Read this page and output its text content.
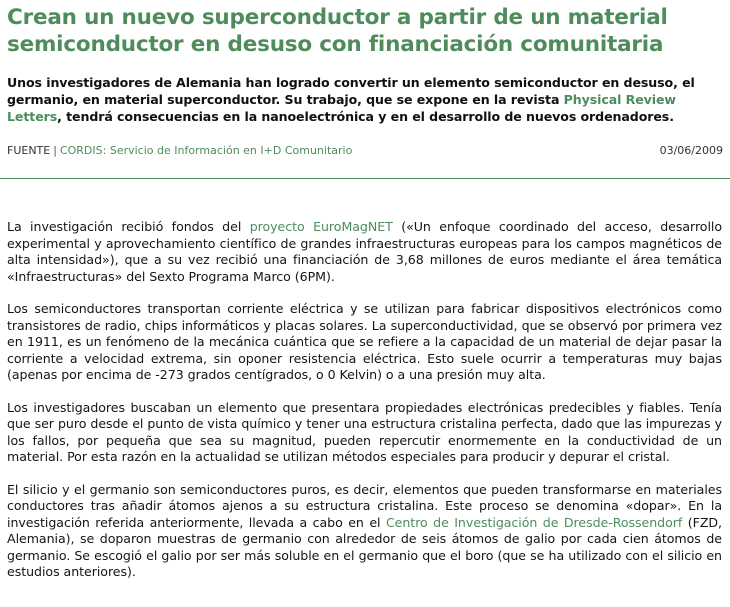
Crean un nuevo superconductor a partir de un material semiconductor en desuso con financiación comunitaria

Unos investigadores de Alemania han logrado convertir un elemento semiconductor en desuso, el germanio, en material superconductor. Su trabajo, que se expone en la revista Physical Review Letters, tendrá consecuencias en la nanoelectrónica y en el desarrollo de nuevos ordenadores.

FUENTE | CORDIS: Servicio de Información en I+D Comunitario	03/06/2009

La investigación recibió fondos del proyecto EuroMagNET («Un enfoque coordinado del acceso, desarrollo experimental y aprovechamiento científico de grandes infraestructuras europeas para los campos magnéticos de alta intensidad»), que a su vez recibió una financiación de 3,68 millones de euros mediante el área temática «Infraestructuras» del Sexto Programa Marco (6PM).

Los semiconductores transportan corriente eléctrica y se utilizan para fabricar dispositivos electrónicos como transistores de radio, chips informáticos y placas solares. La superconductividad, que se observó por primera vez en 1911, es un fenómeno de la mecánica cuántica que se refiere a la capacidad de un material de dejar pasar la corriente a velocidad extrema, sin oponer resistencia eléctrica. Esto suele ocurrir a temperaturas muy bajas (apenas por encima de -273 grados centígrados, o 0 Kelvin) o a una presión muy alta.

Los investigadores buscaban un elemento que presentara propiedades electrónicas predecibles y fiables. Tenía que ser puro desde el punto de vista químico y tener una estructura cristalina perfecta, dado que las impurezas y los fallos, por pequeña que sea su magnitud, pueden repercutir enormemente en la conductividad de un material. Por esta razón en la actualidad se utilizan métodos especiales para producir y depurar el cristal.

El silicio y el germanio son semiconductores puros, es decir, elementos que pueden transformarse en materiales conductores tras añadir átomos ajenos a su estructura cristalina. Este proceso se denomina «dopar». En la investigación referida anteriormente, llevada a cabo en el Centro de Investigación de Dresde-Rossendorf (FZD, Alemania), se doparon muestras de germanio con alrededor de seis átomos de galio por cada cien átomos de germanio. Se escogió el galio por ser más soluble en el germanio que el boro (que se ha utilizado con el silicio en estudios anteriores).
